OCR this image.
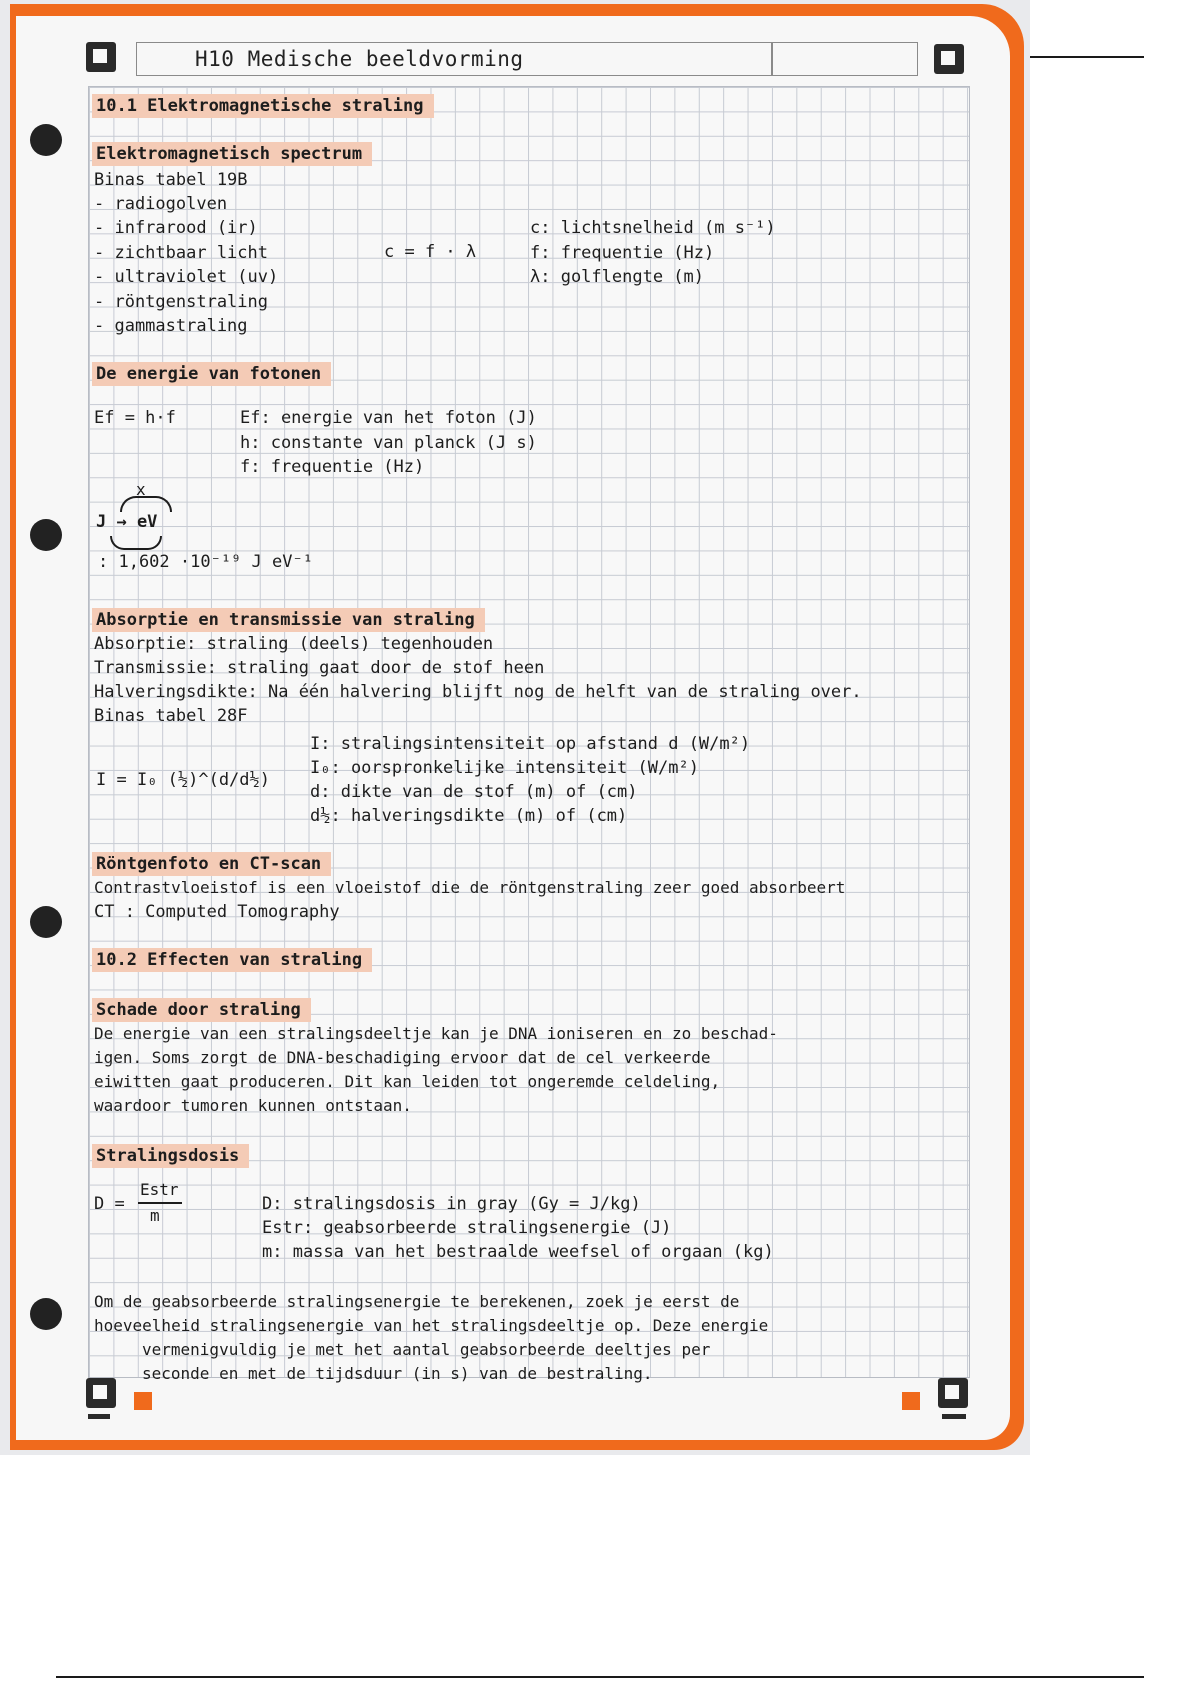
H10 Medische beeldvorming
10.1 Elektromagnetische straling
Elektromagnetisch spectrum
Binas tabel 19B
- radiogolven
- infrarood (ir)
- zichtbaar licht
- ultraviolet (uv)
- röntgenstraling
- gammastraling
c = f · λ
c: lichtsnelheid (m s⁻¹)
f: frequentie (Hz)
λ: golflengte (m)
De energie van fotonen
Ef = h·f	Ef: energie van het foton (J)
h: constante van planck (J s)
f: frequentie (Hz)
x
J → eV
: 1,602 ·10⁻¹⁹ J eV⁻¹
Absorptie en transmissie van straling
Absorptie: straling (deels) tegenhouden
Transmissie: straling gaat door de stof heen
Halveringsdikte: Na één halvering blijft nog de helft van de straling over.
Binas tabel 28F
I = I₀ (½)^(d/d½)
I: stralingsintensiteit op afstand d (W/m²)
I₀: oorspronkelijke intensiteit (W/m²)
d: dikte van de stof (m) of (cm)
d½: halveringsdikte (m) of (cm)
Röntgenfoto en CT-scan
Contrastvloeistof is een vloeistof die de röntgenstraling zeer goed absorbeert
CT : Computed Tomography
10.2 Effecten van straling
Schade door straling
De energie van een stralingsdeeltje kan je DNA ioniseren en zo beschad-
igen. Soms zorgt de DNA-beschadiging ervoor dat de cel verkeerde
eiwitten gaat produceren. Dit kan leiden tot ongeremde celdeling,
waardoor tumoren kunnen ontstaan.
Stralingsdosis
D =
Estr
m
D: stralingsdosis in gray (Gy = J/kg)
Estr: geabsorbeerde stralingsenergie (J)
m: massa van het bestraalde weefsel of orgaan (kg)
Om de geabsorbeerde stralingsenergie te berekenen, zoek je eerst de
hoeveelheid stralingsenergie van het stralingsdeeltje op. Deze energie
vermenigvuldig je met het aantal geabsorbeerde deeltjes per
seconde en met de tijdsduur (in s) van de bestraling.
